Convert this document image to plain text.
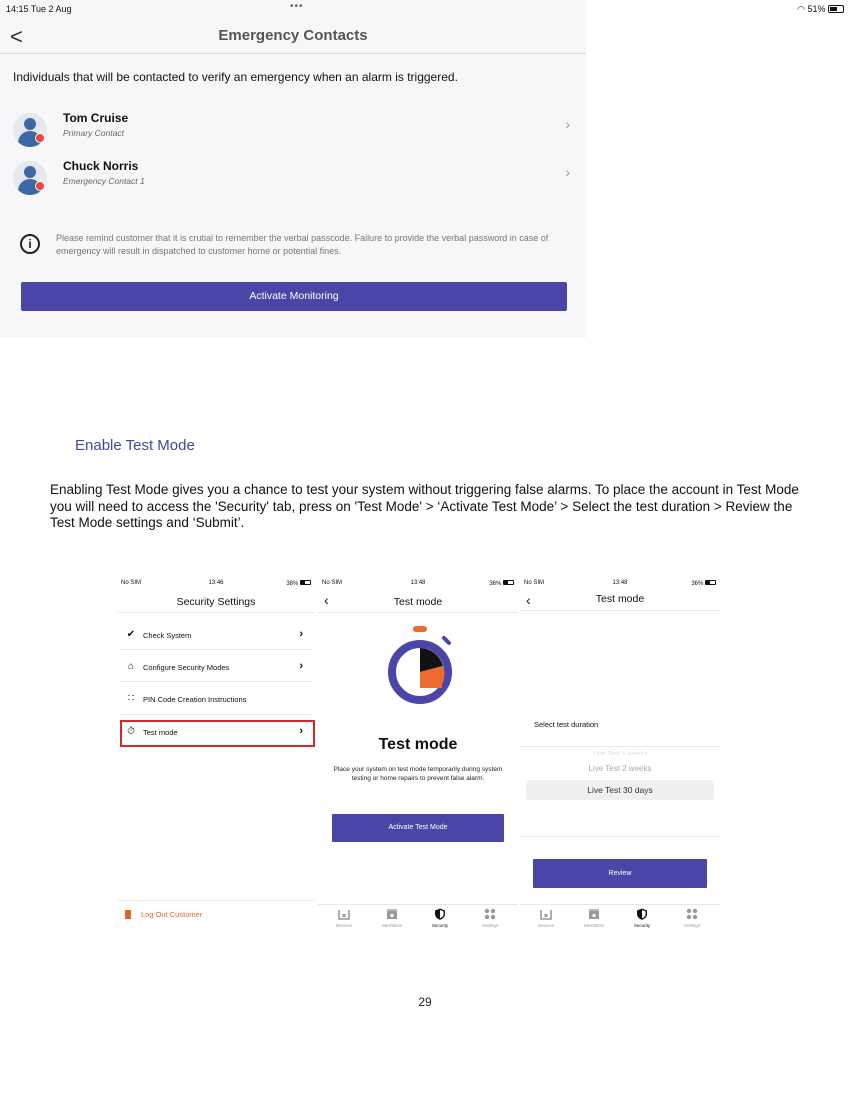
14:15 Tue 2 Aug	•••	◠ 51%
<	Emergency Contacts
Individuals that will be contacted to verify an emergency when an alarm is triggered.
Tom Cruise
Primary Contact
›
Chuck Norris
Emergency Contact 1
›
i	Please remind customer that it is crutial to remember the verbal passcode. Failure to provide the verbal password in case of emergency will result in dispatched to customer home or potential fines.
Activate Monitoring
Enable Test Mode
Enabling Test Mode gives you a chance to test your system without triggering false alarms. To place the account in Test Mode you will need to access the 'Security' tab, press on 'Test Mode' > ‘Activate Test Mode’ > Select the test duration > Review the Test Mode settings and ‘Submit’.
No SIM	13:46	38%
Security Settings
✔	Check System	›
⌂	Configure Security Modes	›
∷	PIN Code Creation Instructions
⏱	Test mode	›
Log Out Customer
No SIM	13:48	36%
‹	Test mode
Test mode
Place your system on test mode temporarily during system testing or home repairs to prevent false alarm.
Activate Test Mode
Devices	MeshBots	Security	Settings
No SIM	13:48	36%
‹	Test mode
Select test duration
Live Test 1 weeks
Live Test 2 weeks
Live Test 30 days
Review
Devices	MeshBots	Security	Settings
29
